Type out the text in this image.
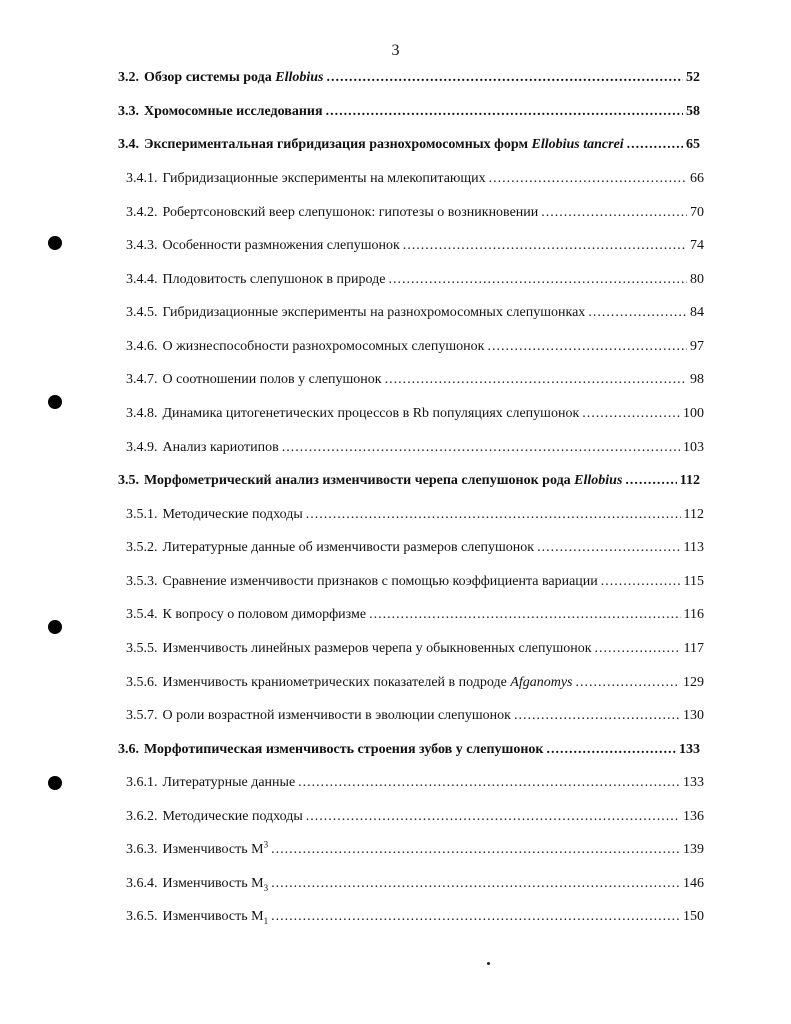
3
3.2. Обзор системы рода Ellobius .....	52
3.3. Хромосомные исследования .....	58
3.4. Экспериментальная гибридизация разнохромосомных форм Ellobius tancrei .....	65
3.4.1. Гибридизационные эксперименты на млекопитающих .....	66
3.4.2. Робертсоновский веер слепушонок: гипотезы о возникновении .....	70
3.4.3. Особенности размножения слепушонок .....	74
3.4.4. Плодовитость слепушонок в природе .....	80
3.4.5. Гибридизационные эксперименты на разнохромосомных слепушонках .....	84
3.4.6. О жизнеспособности разнохромосомных слепушонок .....	97
3.4.7. О соотношении полов у слепушонок .....	98
3.4.8. Динамика цитогенетических процессов в Rb популяциях слепушонок .....	100
3.4.9. Анализ кариотипов .....	103
3.5. Морфометрический анализ изменчивости черепа слепушонок рода Ellobius .....	112
3.5.1. Методические подходы .....	112
3.5.2. Литературные данные об изменчивости размеров слепушонок .....	113
3.5.3. Сравнение изменчивости признаков с помощью коэффициента вариации .....	115
3.5.4. К вопросу о половом диморфизме .....	116
3.5.5. Изменчивость линейных размеров черепа у обыкновенных слепушонок .....	117
3.5.6. Изменчивость краниометрических показателей в подроде Afganomys .....	129
3.5.7. О роли возрастной изменчивости в эволюции слепушонок .....	130
3.6. Морфотипическая изменчивость строения зубов у слепушонок .....	133
3.6.1. Литературные данные .....	133
3.6.2. Методические подходы .....	136
3.6.3. Изменчивость $M^3$ .....	139
3.6.4. Изменчивость $M_3$ .....	146
3.6.5. Изменчивость $M_1$ .....	150
